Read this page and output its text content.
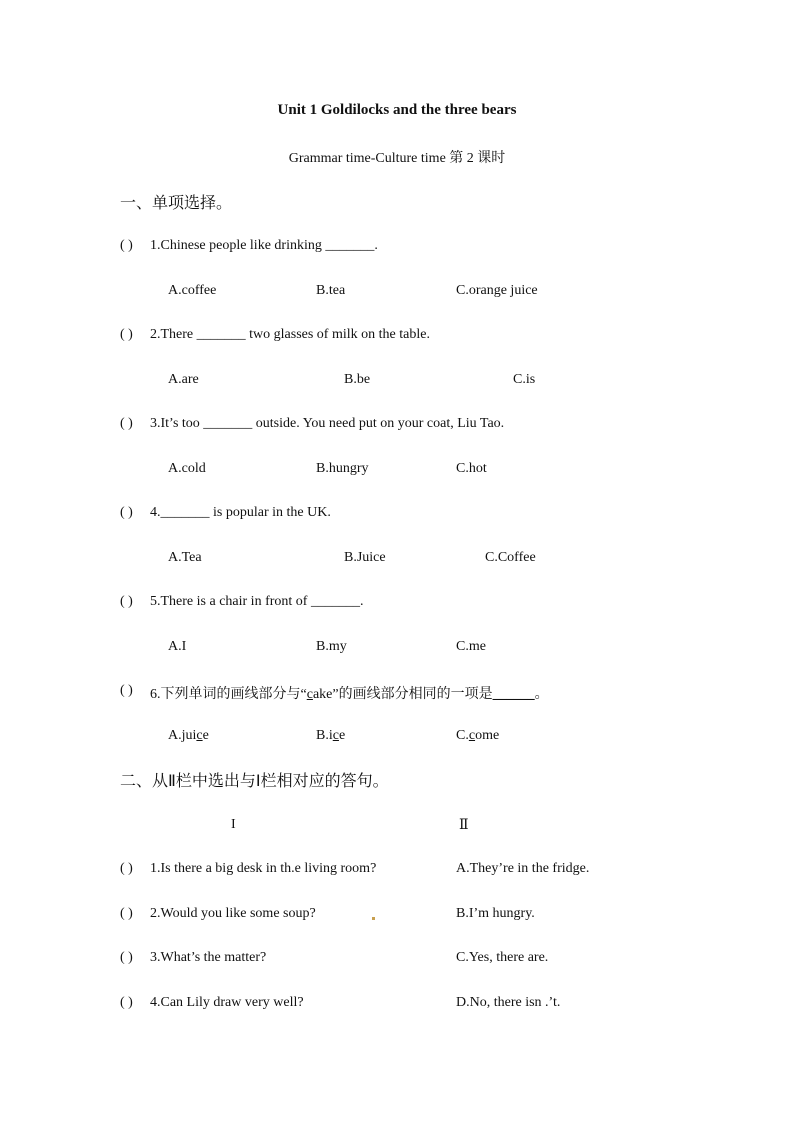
Unit 1 Goldilocks and the three bears
Grammar time-Culture time 第 2 课时
一、单项选择。
( ) 1.Chinese people like drinking _______.
A.coffee	B.tea	C.orange juice
( ) 2.There _______ two glasses of milk on the table.
A.are	B.be	C.is
( ) 3.It’s too _______ outside. You need put on your coat, Liu Tao.
A.cold	B.hungry	C.hot
( ) 4._______ is popular in the UK.
A.Tea	B.Juice	C.Coffee
( ) 5.There is a chair in front of _______.
A.I	B.my	C.me
( ) 6.下列单词的画线部分与“cake”的画线部分相同的一项是______。
A.juice	B.ice	C.come
二、从Ⅱ栏中选出与Ⅰ栏相对应的答句。
I	Ⅱ
( ) 1.Is there a big desk in th.e living room?	A.They’re in the fridge.
( ) 2.Would you like some soup?	B.I’m hungry.
( ) 3.What’s the matter?	C.Yes, there are.
( ) 4.Can Lily draw very well?	D.No, there isn .’t.
